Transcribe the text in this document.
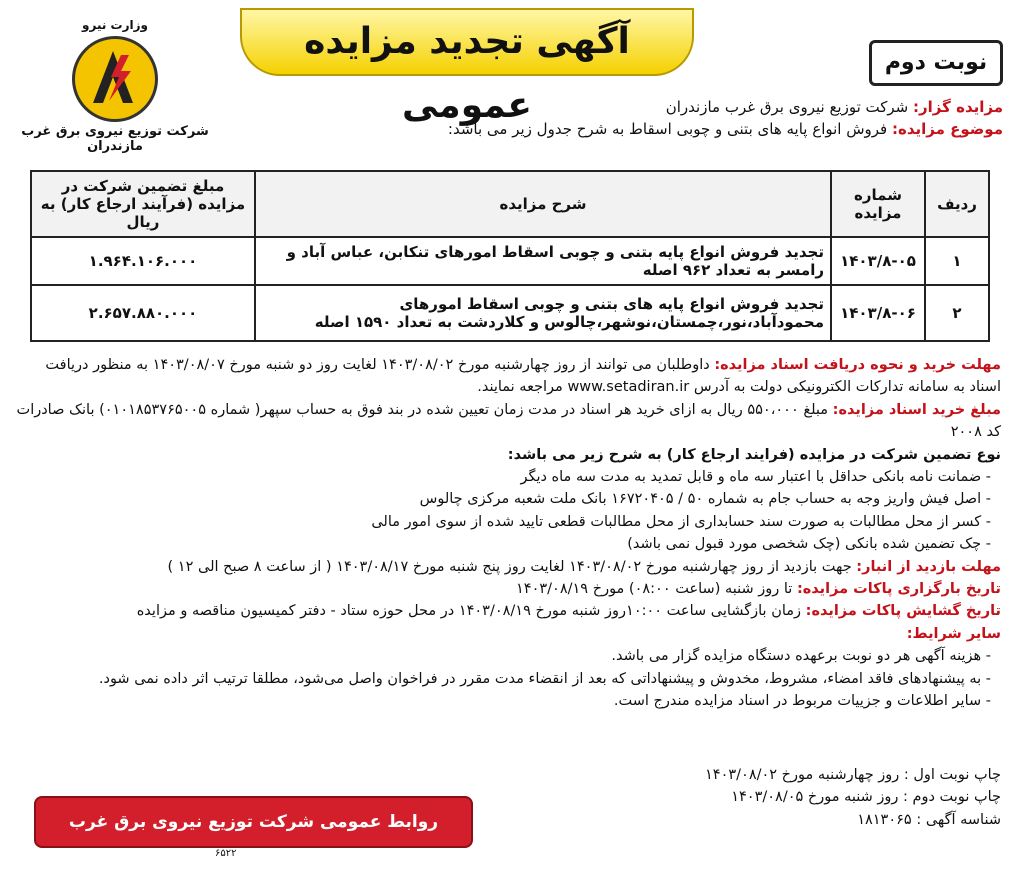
وزارت نیرو
شرکت توزیع نیروی برق غرب مازندران
آگهی تجدید مزایده عمومی
نوبت دوم
مزایده گزار: شرکت توزیع نیروی برق غرب مازندران
موضوع مزایده: فروش انواع پایه های بتنی و چوبی اسقاط به شرح جدول زیر می باشد:
ردیف	شماره مزایده	شرح مزایده	مبلغ تضمین شرکت در مزایده (فرآیند ارجاع کار) به ریال
۱	۱۴۰۳/۸-۰۵	تجدید فروش انواع پایه بتنی و چوبی اسقاط امورهای تنکابن، عباس آباد و رامسر به تعداد ۹۶۲ اصله	۱.۹۶۴.۱۰۶.۰۰۰
۲	۱۴۰۳/۸-۰۶	تجدید فروش انواع پایه های بتنی و چوبی اسقاط امورهای محمودآباد،نور،چمستان،نوشهر،چالوس و کلاردشت به تعداد ۱۵۹۰ اصله	۲.۶۵۷.۸۸۰.۰۰۰

مهلت خرید و نحوه دریافت اسناد مزایده: داوطلبان می توانند از روز چهارشنبه مورخ ۱۴۰۳/۰۸/۰۲ لغایت روز دو شنبه مورخ ۱۴۰۳/۰۸/۰۷ به منظور دریافت اسناد به سامانه تدارکات الکترونیکی دولت به آدرس www.setadiran.ir مراجعه نمایند.

مبلغ خرید اسناد مزایده: مبلغ ۵۵۰،۰۰۰ ریال به ازای خرید هر اسناد در مدت زمان تعیین شده در بند فوق به حساب سپهر( شماره ۰۱۰۱۸۵۳۷۶۵۰۰۵) بانک صادرات کد ۲۰۰۸

نوع تضمین شرکت در مزایده (فرایند ارجاع کار) به شرح زیر می باشد:

- ضمانت نامه بانکی حداقل با اعتبار سه ماه و قابل تمدید به مدت سه ماه دیگر

- اصل فیش واریز وجه به حساب جام به شماره ۵۰ / ۱۶۷۲۰۴۰۵ بانک ملت شعبه مرکزی چالوس

- کسر از محل مطالبات به صورت سند حسابداری از محل مطالبات قطعی تایید شده از سوی امور مالی

- چک تضمین شده بانکی (چک شخصی مورد قبول نمی باشد)

مهلت بازدید از انبار: جهت بازدید از روز چهارشنبه مورخ ۱۴۰۳/۰۸/۰۲ لغایت روز پنج شنبه مورخ ۱۴۰۳/۰۸/۱۷ ( از ساعت ۸ صبح الی ۱۲ )

تاریخ بارگزاری پاکات مزایده: تا روز شنبه (ساعت ۰۸:۰۰) مورخ ۱۴۰۳/۰۸/۱۹

تاریخ گشایش پاکات مزایده: زمان بازگشایی ساعت ۱۰:۰۰روز شنبه مورخ ۱۴۰۳/۰۸/۱۹ در محل حوزه ستاد - دفتر کمیسیون مناقصه و مزایده

سایر شرایط:

- هزینه آگهی هر دو نوبت برعهده دستگاه مزایده گزار می باشد.

- به پیشنهادهای فاقد امضاء، مشروط، مخدوش و پیشنهاداتی که بعد از انقضاء مدت مقرر در فراخوان واصل می‌شود، مطلقا ترتیب اثر داده نمی شود.

- سایر اطلاعات و جزییات مربوط در اسناد مزایده مندرج است.

چاپ نوبت اول : روز چهارشنبه مورخ ۱۴۰۳/۰۸/۰۲
چاپ نوبت دوم : روز شنبه مورخ ۱۴۰۳/۰۸/۰۵
شناسه آگهی : ۱۸۱۳۰۶۵
روابط عمومی شرکت توزیع نیروی برق غرب مازندران
۶۵۲۲
